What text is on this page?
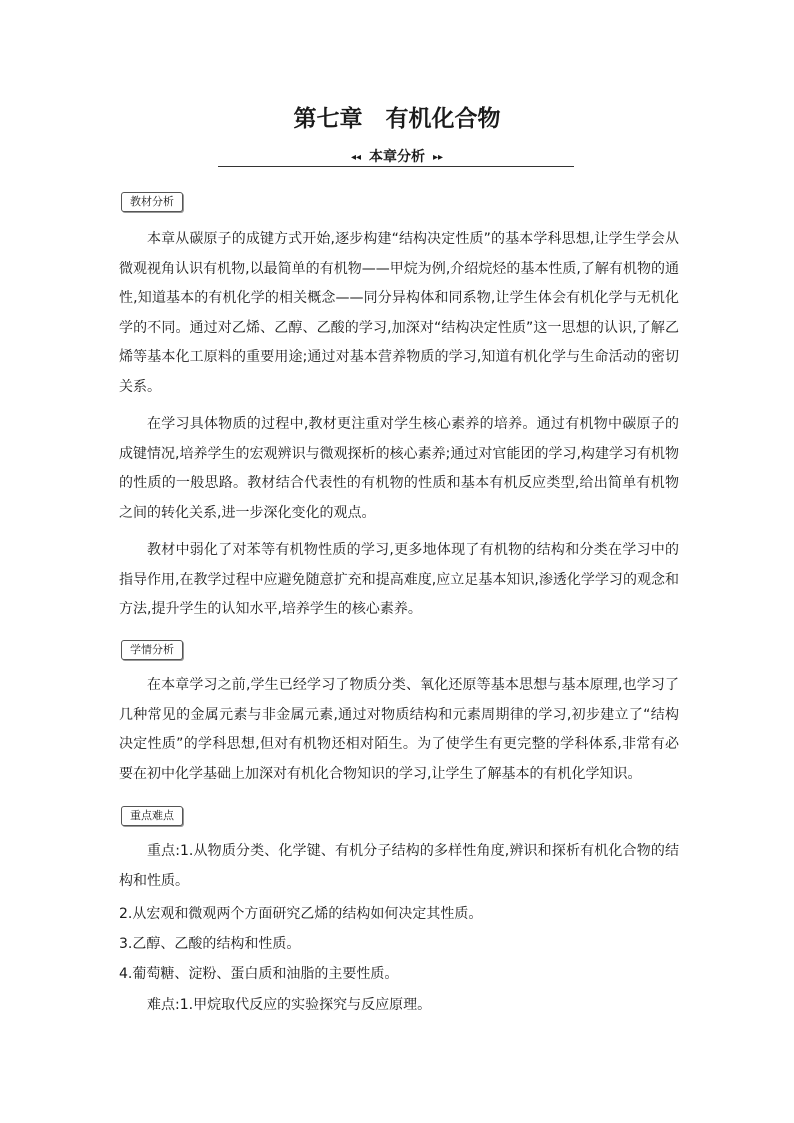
第七章　有机化合物
◂◂ 本章分析 ▸▸
教材分析
本章从碳原子的成键方式开始,逐步构建“结构决定性质”的基本学科思想,让学生学会从微观视角认识有机物,以最简单的有机物——甲烷为例,介绍烷烃的基本性质,了解有机物的通性,知道基本的有机化学的相关概念——同分异构体和同系物,让学生体会有机化学与无机化学的不同。通过对乙烯、乙醇、乙酸的学习,加深对“结构决定性质”这一思想的认识,了解乙烯等基本化工原料的重要用途;通过对基本营养物质的学习,知道有机化学与生命活动的密切关系。
在学习具体物质的过程中,教材更注重对学生核心素养的培养。通过有机物中碳原子的成键情况,培养学生的宏观辨识与微观探析的核心素养;通过对官能团的学习,构建学习有机物的性质的一般思路。教材结合代表性的有机物的性质和基本有机反应类型,给出简单有机物之间的转化关系,进一步深化变化的观点。
教材中弱化了对苯等有机物性质的学习,更多地体现了有机物的结构和分类在学习中的指导作用,在教学过程中应避免随意扩充和提高难度,应立足基本知识,渗透化学学习的观念和方法,提升学生的认知水平,培养学生的核心素养。
学情分析
在本章学习之前,学生已经学习了物质分类、氧化还原等基本思想与基本原理,也学习了几种常见的金属元素与非金属元素,通过对物质结构和元素周期律的学习,初步建立了“结构决定性质”的学科思想,但对有机物还相对陌生。为了使学生有更完整的学科体系,非常有必要在初中化学基础上加深对有机化合物知识的学习,让学生了解基本的有机化学知识。
重点难点
重点:1.从物质分类、化学键、有机分子结构的多样性角度,辨识和探析有机化合物的结构和性质。
2.从宏观和微观两个方面研究乙烯的结构如何决定其性质。
3.乙醇、乙酸的结构和性质。
4.葡萄糖、淀粉、蛋白质和油脂的主要性质。
难点:1.甲烷取代反应的实验探究与反应原理。
